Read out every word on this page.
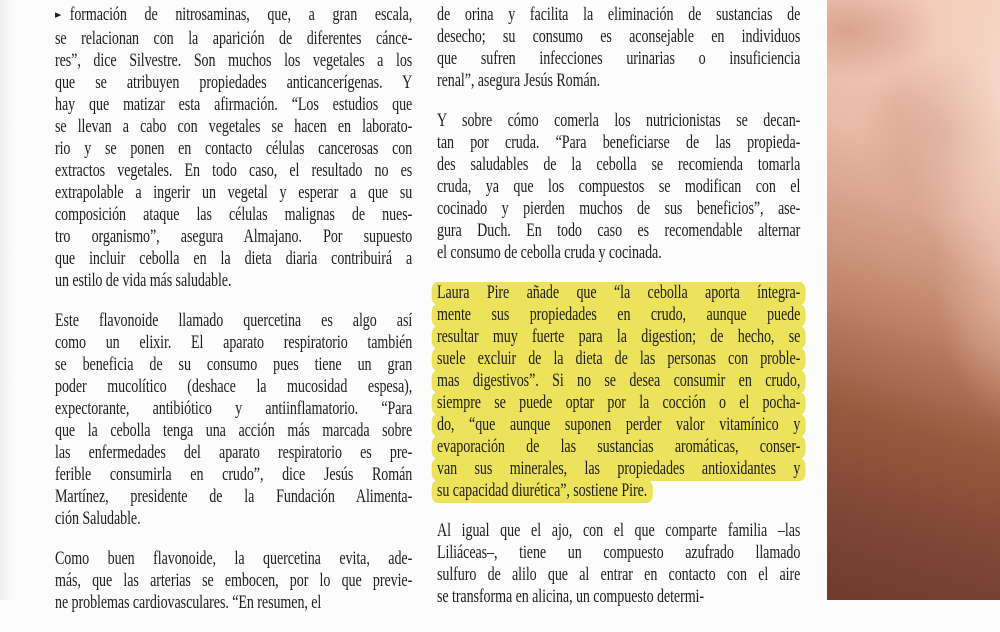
► formación de nitrosaminas, que, a gran escala,
se relacionan con la aparición de diferentes cánce-
res”, dice Silvestre. Son muchos los vegetales a los
que se atribuyen propiedades anticancerígenas. Y
hay que matizar esta afirmación. “Los estudios que
se llevan a cabo con vegetales se hacen en laborato-
rio y se ponen en contacto células cancerosas con
extractos vegetales. En todo caso, el resultado no es
extrapolable a ingerir un vegetal y esperar a que su
composición ataque las células malignas de nues-
tro organismo”, asegura Almajano. Por supuesto
que incluir cebolla en la dieta diaria contribuirá a
un estilo de vida más saludable.
Este flavonoide llamado quercetina es algo así
como un elixir. El aparato respiratorio también
se beneficia de su consumo pues tiene un gran
poder mucolítico (deshace la mucosidad espesa),
expectorante, antibiótico y antiinflamatorio. “Para
que la cebolla tenga una acción más marcada sobre
las enfermedades del aparato respiratorio es pre-
ferible consumirla en crudo”, dice Jesús Román
Martínez, presidente de la Fundación Alimenta-
ción Saludable.
Como buen flavonoide, la quercetina evita, ade-
más, que las arterias se embocen, por lo que previe-
ne problemas cardiovasculares. “En resumen, el
de orina y facilita la eliminación de sustancias de
desecho; su consumo es aconsejable en individuos
que sufren infecciones urinarias o insuficiencia
renal”, asegura Jesús Román.
Y sobre cómo comerla los nutricionistas se decan-
tan por cruda. “Para beneficiarse de las propieda-
des saludables de la cebolla se recomienda tomarla
cruda, ya que los compuestos se modifican con el
cocinado y pierden muchos de sus beneficios”, ase-
gura Duch. En todo caso es recomendable alternar
el consumo de cebolla cruda y cocinada.
Laura Pire añade que “la cebolla aporta íntegra-
mente sus propiedades en crudo, aunque puede
resultar muy fuerte para la digestion; de hecho, se
suele excluir de la dieta de las personas con proble-
mas digestivos”. Si no se desea consumir en crudo,
siempre se puede optar por la cocción o el pocha-
do, “que aunque suponen perder valor vitamínico y
evaporación de las sustancias aromáticas, conser-
van sus minerales, las propiedades antioxidantes y
su capacidad diurética”, sostiene Pire.
Al igual que el ajo, con el que comparte familia –las
Liliáceas–, tiene un compuesto azufrado llamado
sulfuro de alilo que al entrar en contacto con el aire
se transforma en alicina, un compuesto determi-
